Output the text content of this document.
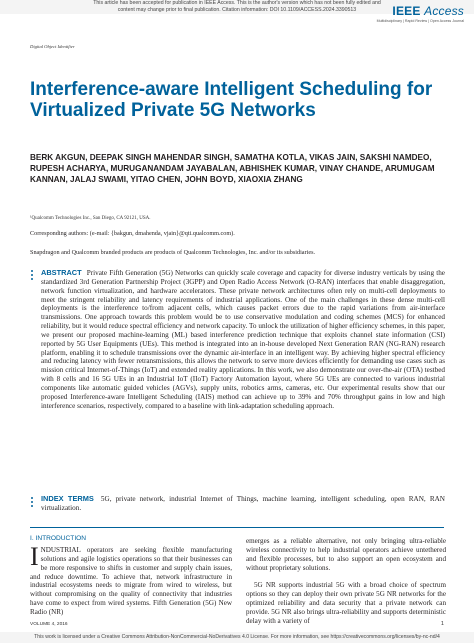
This article has been accepted for publication in IEEE Access. This is the author's version which has not been fully edited and
content may change prior to final publication. Citation information: DOI 10.1109/ACCESS.2024.3390513	IEEE Access
Multidisciplinary | Rapid Review | Open Access Journal
Digital Object Identifier
Interference-aware Intelligent Scheduling for Virtualized Private 5G Networks
BERK AKGUN, DEEPAK SINGH MAHENDAR SINGH, SAMATHA KOTLA, VIKAS JAIN, SAKSHI NAMDEO, RUPESH ACHARYA, MURUGANANDAM JAYABALAN, ABHISHEK KUMAR, VINAY CHANDE, ARUMUGAM KANNAN, JALAJ SWAMI, YITAO CHEN, JOHN BOYD, XIAOXIA ZHANG
¹Qualcomm Technologies Inc., San Diego, CA 92121, USA.
Corresponding authors: (e-mail: {bakgun, dmahenda, vjain}@qti.qualcomm.com).
Snapdragon and Qualcomm branded products are products of Qualcomm Technologies, Inc. and/or its subsidiaries.
ABSTRACT Private Fifth Generation (5G) Networks can quickly scale coverage and capacity for diverse industry verticals by using the standardized 3rd Generation Partnership Project (3GPP) and Open Radio Access Network (O-RAN) interfaces that enable disaggregation, network function virtualization, and hardware accelerators. These private network architectures often rely on multi-cell deployments to meet the stringent reliability and latency requirements of industrial applications. One of the main challenges in these dense multi-cell deployments is the interference to/from adjacent cells, which causes packet errors due to the rapid variations from air-interface transmissions. One approach towards this problem would be to use conservative modulation and coding schemes (MCS) for enhanced reliability, but it would reduce spectral efficiency and network capacity. To unlock the utilization of higher efficiency schemes, in this paper, we present our proposed machine-learning (ML) based interference prediction technique that exploits channel state information (CSI) reported by 5G User Equipments (UEs). This method is integrated into an in-house developed Next Generation RAN (NG-RAN) research platform, enabling it to schedule transmissions over the dynamic air-interface in an intelligent way. By achieving higher spectral efficiency and reducing latency with fewer retransmissions, this allows the network to serve more devices efficiently for demanding use cases such as mission critical Internet-of-Things (IoT) and extended reality applications. In this work, we also demonstrate our over-the-air (OTA) testbed with 8 cells and 16 5G UEs in an Industrial IoT (IIoT) Factory Automation layout, where 5G UEs are connected to various industrial components like automatic guided vehicles (AGVs), supply units, robotics arms, cameras, etc. Our experimental results show that our proposed Interference-aware Intelligent Scheduling (IAIS) method can achieve up to 39% and 70% throughput gains in low and high interference scenarios, respectively, compared to a baseline with link-adaptation scheduling approach.
INDEX TERMS 5G, private network, industrial Internet of Things, machine learning, intelligent scheduling, open RAN, RAN virtualization.
I. INTRODUCTION
I NDUSTRIAL operators are seeking flexible manufacturing solutions and agile logistics operations so that their businesses can be more responsive to shifts in customer and supply chain issues, and reduce downtime. To achieve that, network infrastructure in industrial ecosystems needs to migrate from wired to wireless, but without compromising on the quality of connectivity that industries have come to expect from wired systems. Fifth Generation (5G) New Radio (NR)

emerges as a reliable alternative, not only bringing ultra-reliable wireless connectivity to help industrial operators achieve untethered and flexible processes, but to also support an open ecosystem and without proprietary solutions.

5G NR supports industrial 5G with a broad choice of spectrum options so they can deploy their own private 5G NR networks for the optimized reliability and data security that a private network can provide. 5G NR also brings ultra-reliability and supports deterministic delay with a variety of

VOLUME 4, 2016	1
This work is licensed under a Creative Commons Attribution-NonCommercial-NoDerivatives 4.0 License. For more information, see https://creativecommons.org/licenses/by-nc-nd/4
